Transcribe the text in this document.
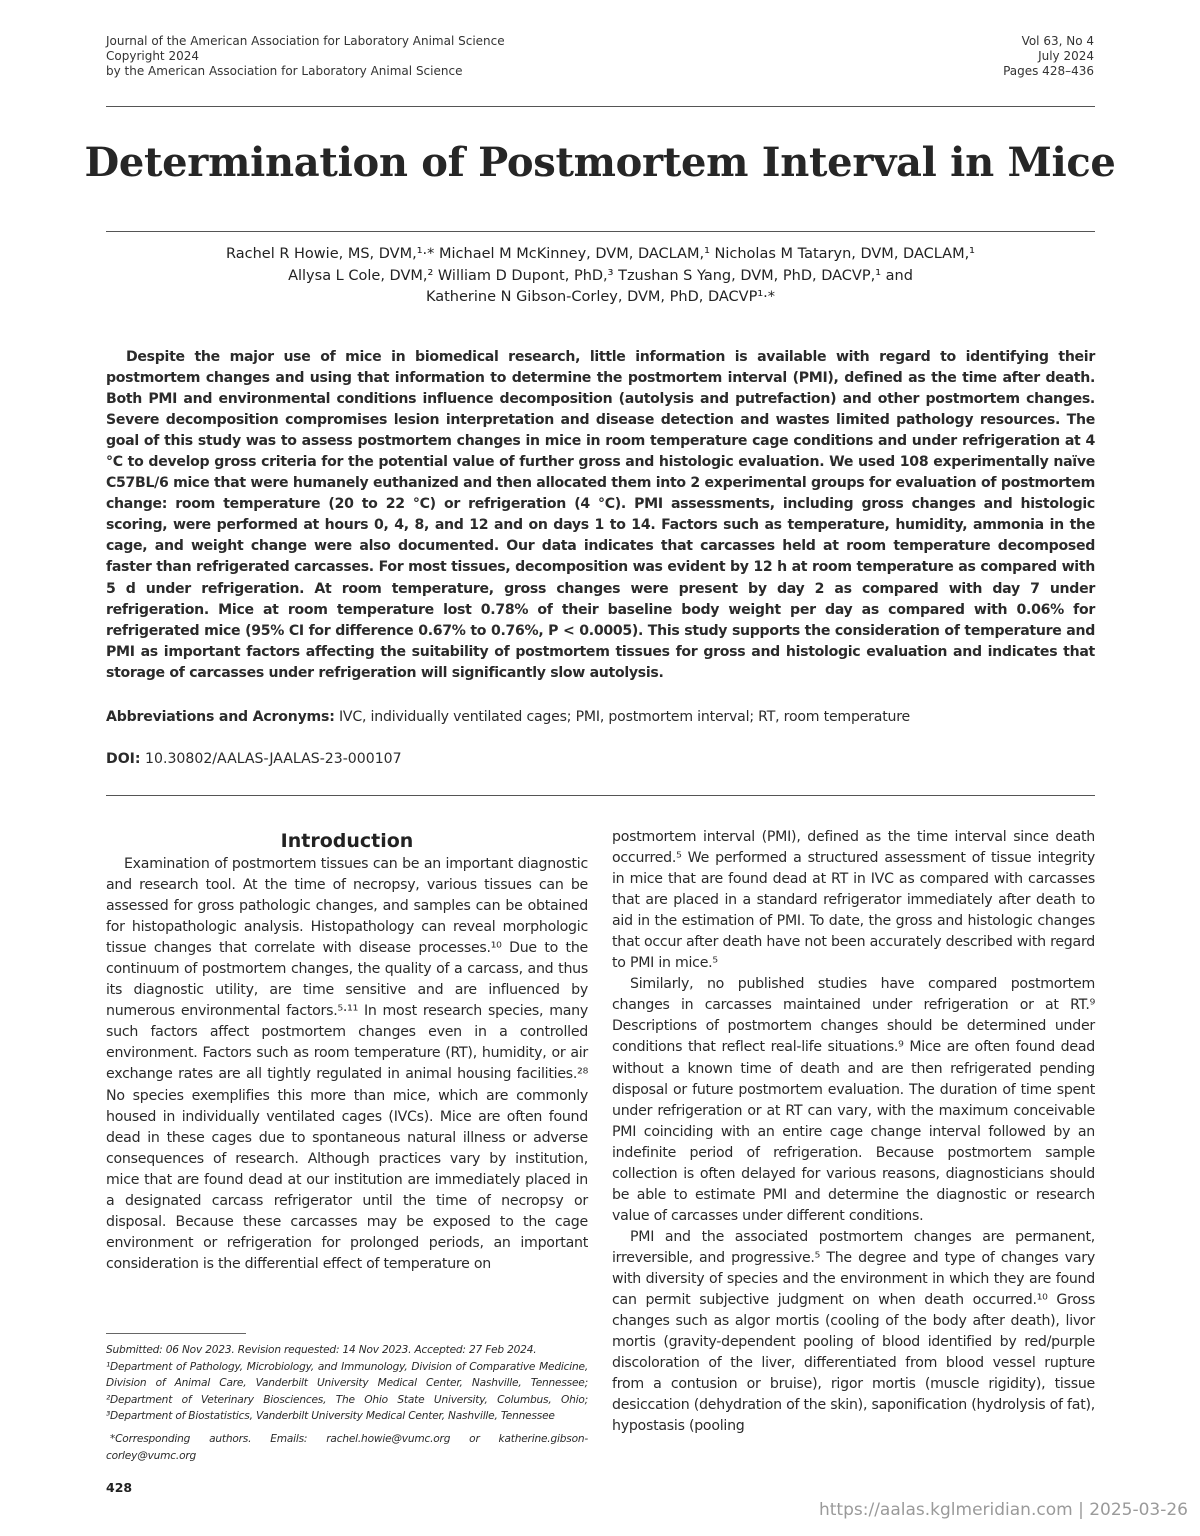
Journal of the American Association for Laboratory Animal Science
Copyright 2024
by the American Association for Laboratory Animal Science
Vol 63, No 4
July 2024
Pages 428–436
Determination of Postmortem Interval in Mice
Rachel R Howie, MS, DVM,¹·* Michael M McKinney, DVM, DACLAM,¹ Nicholas M Tataryn, DVM, DACLAM,¹
Allysa L Cole, DVM,² William D Dupont, PhD,³ Tzushan S Yang, DVM, PhD, DACVP,¹ and
Katherine N Gibson-Corley, DVM, PhD, DACVP¹·*

Despite the major use of mice in biomedical research, little information is available with regard to identifying their postmortem changes and using that information to determine the postmortem interval (PMI), defined as the time after death. Both PMI and environmental conditions influence decomposition (autolysis and putrefaction) and other postmortem changes. Severe decomposition compromises lesion interpretation and disease detection and wastes limited pathology resources. The goal of this study was to assess postmortem changes in mice in room temperature cage conditions and under refrigeration at 4 °C to develop gross criteria for the potential value of further gross and histologic evaluation. We used 108 experimentally naïve C57BL/6 mice that were humanely euthanized and then allocated them into 2 experimental groups for evaluation of postmortem change: room temperature (20 to 22 °C) or refrigeration (4 °C). PMI assessments, including gross changes and histologic scoring, were performed at hours 0, 4, 8, and 12 and on days 1 to 14. Factors such as temperature, humidity, ammonia in the cage, and weight change were also documented. Our data indicates that carcasses held at room temperature decomposed faster than refrigerated carcasses. For most tissues, decomposition was evident by 12 h at room temperature as compared with 5 d under refrigeration. At room temperature, gross changes were present by day 2 as compared with day 7 under refrigeration. Mice at room temperature lost 0.78% of their baseline body weight per day as compared with 0.06% for refrigerated mice (95% CI for difference 0.67% to 0.76%, P < 0.0005). This study supports the consideration of temperature and PMI as important factors affecting the suitability of postmortem tissues for gross and histologic evaluation and indicates that storage of carcasses under refrigeration will significantly slow autolysis.

Abbreviations and Acronyms: IVC, individually ventilated cages; PMI, postmortem interval; RT, room temperature
DOI: 10.30802/AALAS-JAALAS-23-000107
Introduction

Examination of postmortem tissues can be an important diagnostic and research tool. At the time of necropsy, various tissues can be assessed for gross pathologic changes, and samples can be obtained for histopathologic analysis. Histopathology can reveal morphologic tissue changes that correlate with disease processes.¹⁰ Due to the continuum of postmortem changes, the quality of a carcass, and thus its diagnostic utility, are time sensitive and are influenced by numerous environmental factors.⁵·¹¹ In most research species, many such factors affect postmortem changes even in a controlled environment. Factors such as room temperature (RT), humidity, or air exchange rates are all tightly regulated in animal housing facilities.²⁸ No species exemplifies this more than mice, which are commonly housed in individually ventilated cages (IVCs). Mice are often found dead in these cages due to spontaneous natural illness or adverse consequences of research. Although practices vary by institution, mice that are found dead at our institution are immediately placed in a designated carcass refrigerator until the time of necropsy or disposal. Because these carcasses may be exposed to the cage environment or refrigeration for prolonged periods, an important consideration is the differential effect of temperature on

postmortem interval (PMI), defined as the time interval since death occurred.⁵ We performed a structured assessment of tissue integrity in mice that are found dead at RT in IVC as compared with carcasses that are placed in a standard refrigerator immediately after death to aid in the estimation of PMI. To date, the gross and histologic changes that occur after death have not been accurately described with regard to PMI in mice.⁵

Similarly, no published studies have compared postmortem changes in carcasses maintained under refrigeration or at RT.⁹ Descriptions of postmortem changes should be determined under conditions that reflect real-life situations.⁹ Mice are often found dead without a known time of death and are then refrigerated pending disposal or future postmortem evaluation. The duration of time spent under refrigeration or at RT can vary, with the maximum conceivable PMI coinciding with an entire cage change interval followed by an indefinite period of refrigeration. Because postmortem sample collection is often delayed for various reasons, diagnosticians should be able to estimate PMI and determine the diagnostic or research value of carcasses under different conditions.

PMI and the associated postmortem changes are permanent, irreversible, and progressive.⁵ The degree and type of changes vary with diversity of species and the environment in which they are found can permit subjective judgment on when death occurred.¹⁰ Gross changes such as algor mortis (cooling of the body after death), livor mortis (gravity-dependent pooling of blood identified by red/purple discoloration of the liver, differentiated from blood vessel rupture from a contusion or bruise), rigor mortis (muscle rigidity), tissue desiccation (dehydration of the skin), saponification (hydrolysis of fat), hypostasis (pooling

Submitted: 06 Nov 2023. Revision requested: 14 Nov 2023. Accepted: 27 Feb 2024.
¹Department of Pathology, Microbiology, and Immunology, Division of Comparative Medicine, Division of Animal Care, Vanderbilt University Medical Center, Nashville, Tennessee; ²Department of Veterinary Biosciences, The Ohio State University, Columbus, Ohio; ³Department of Biostatistics, Vanderbilt University Medical Center, Nashville, Tennessee
*Corresponding authors. Emails: rachel.howie@vumc.org or katherine.gibson-corley@vumc.org
428
https://aalas.kglmeridian.com | 2025-03-26
